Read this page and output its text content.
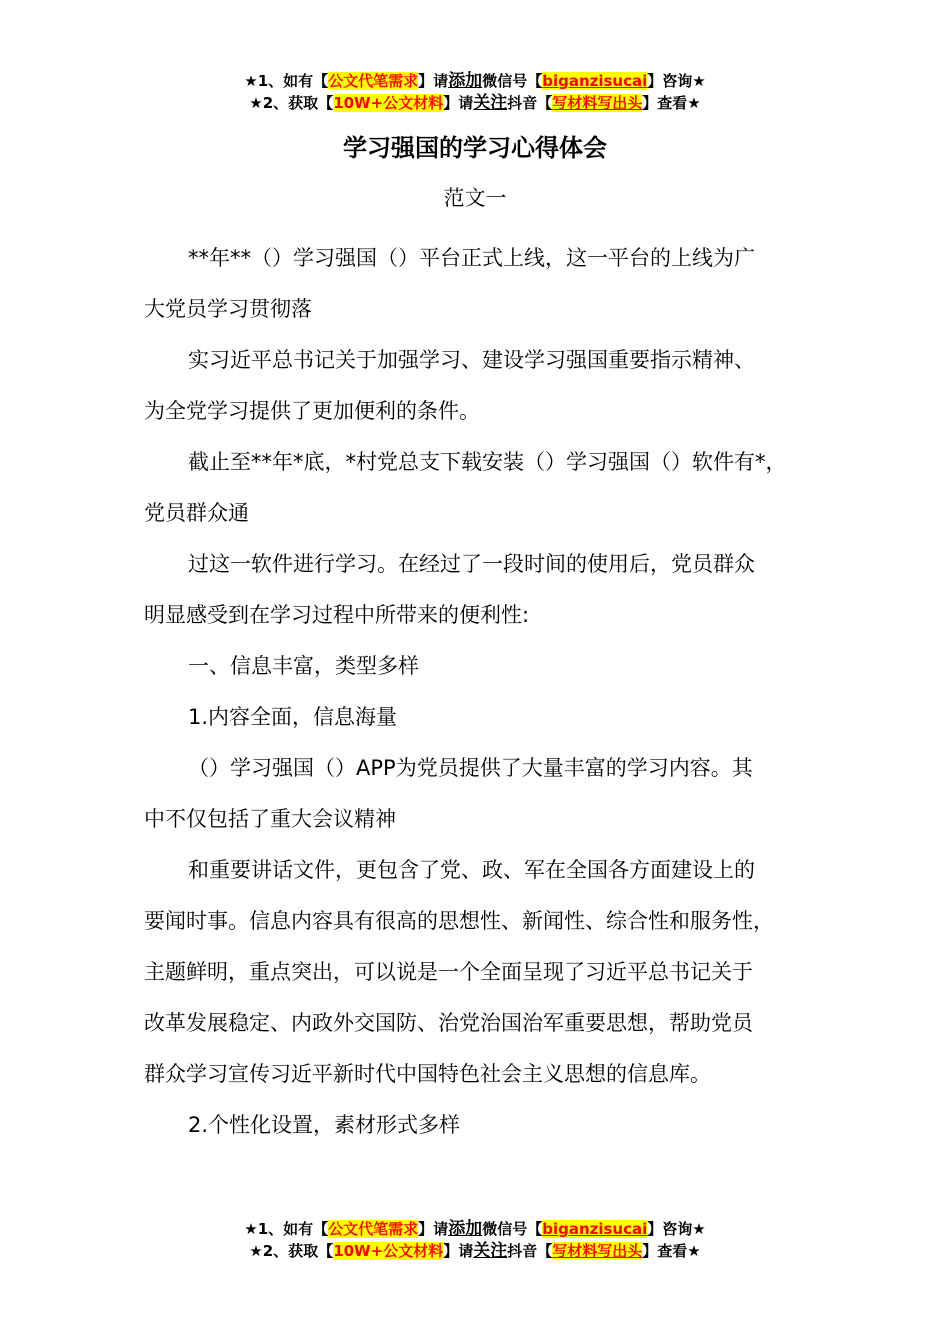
★1、如有【公文代笔需求】请添加微信号【biganzisucai】咨询★
★2、获取【10W+公文材料】请关注抖音【写材料写出头】查看★
学习强国的学习心得体会
范文一

**年**（）学习强国（）平台正式上线，这一平台的上线为广

大党员学习贯彻落

实习近平总书记关于加强学习、建设学习强国重要指示精神、

为全党学习提供了更加便利的条件。

截止至**年*底，*村党总支下载安装（）学习强国（）软件有*，

党员群众通

过这一软件进行学习。在经过了一段时间的使用后，党员群众

明显感受到在学习过程中所带来的便利性:

一、信息丰富，类型多样

1.内容全面，信息海量

（）学习强国（）APP为党员提供了大量丰富的学习内容。其

中不仅包括了重大会议精神

和重要讲话文件，更包含了党、政、军在全国各方面建设上的

要闻时事。信息内容具有很高的思想性、新闻性、综合性和服务性，

主题鲜明，重点突出，可以说是一个全面呈现了习近平总书记关于

改革发展稳定、内政外交国防、治党治国治军重要思想，帮助党员

群众学习宣传习近平新时代中国特色社会主义思想的信息库。

2.个性化设置，素材形式多样

★1、如有【公文代笔需求】请添加微信号【biganzisucai】咨询★
★2、获取【10W+公文材料】请关注抖音【写材料写出头】查看★
